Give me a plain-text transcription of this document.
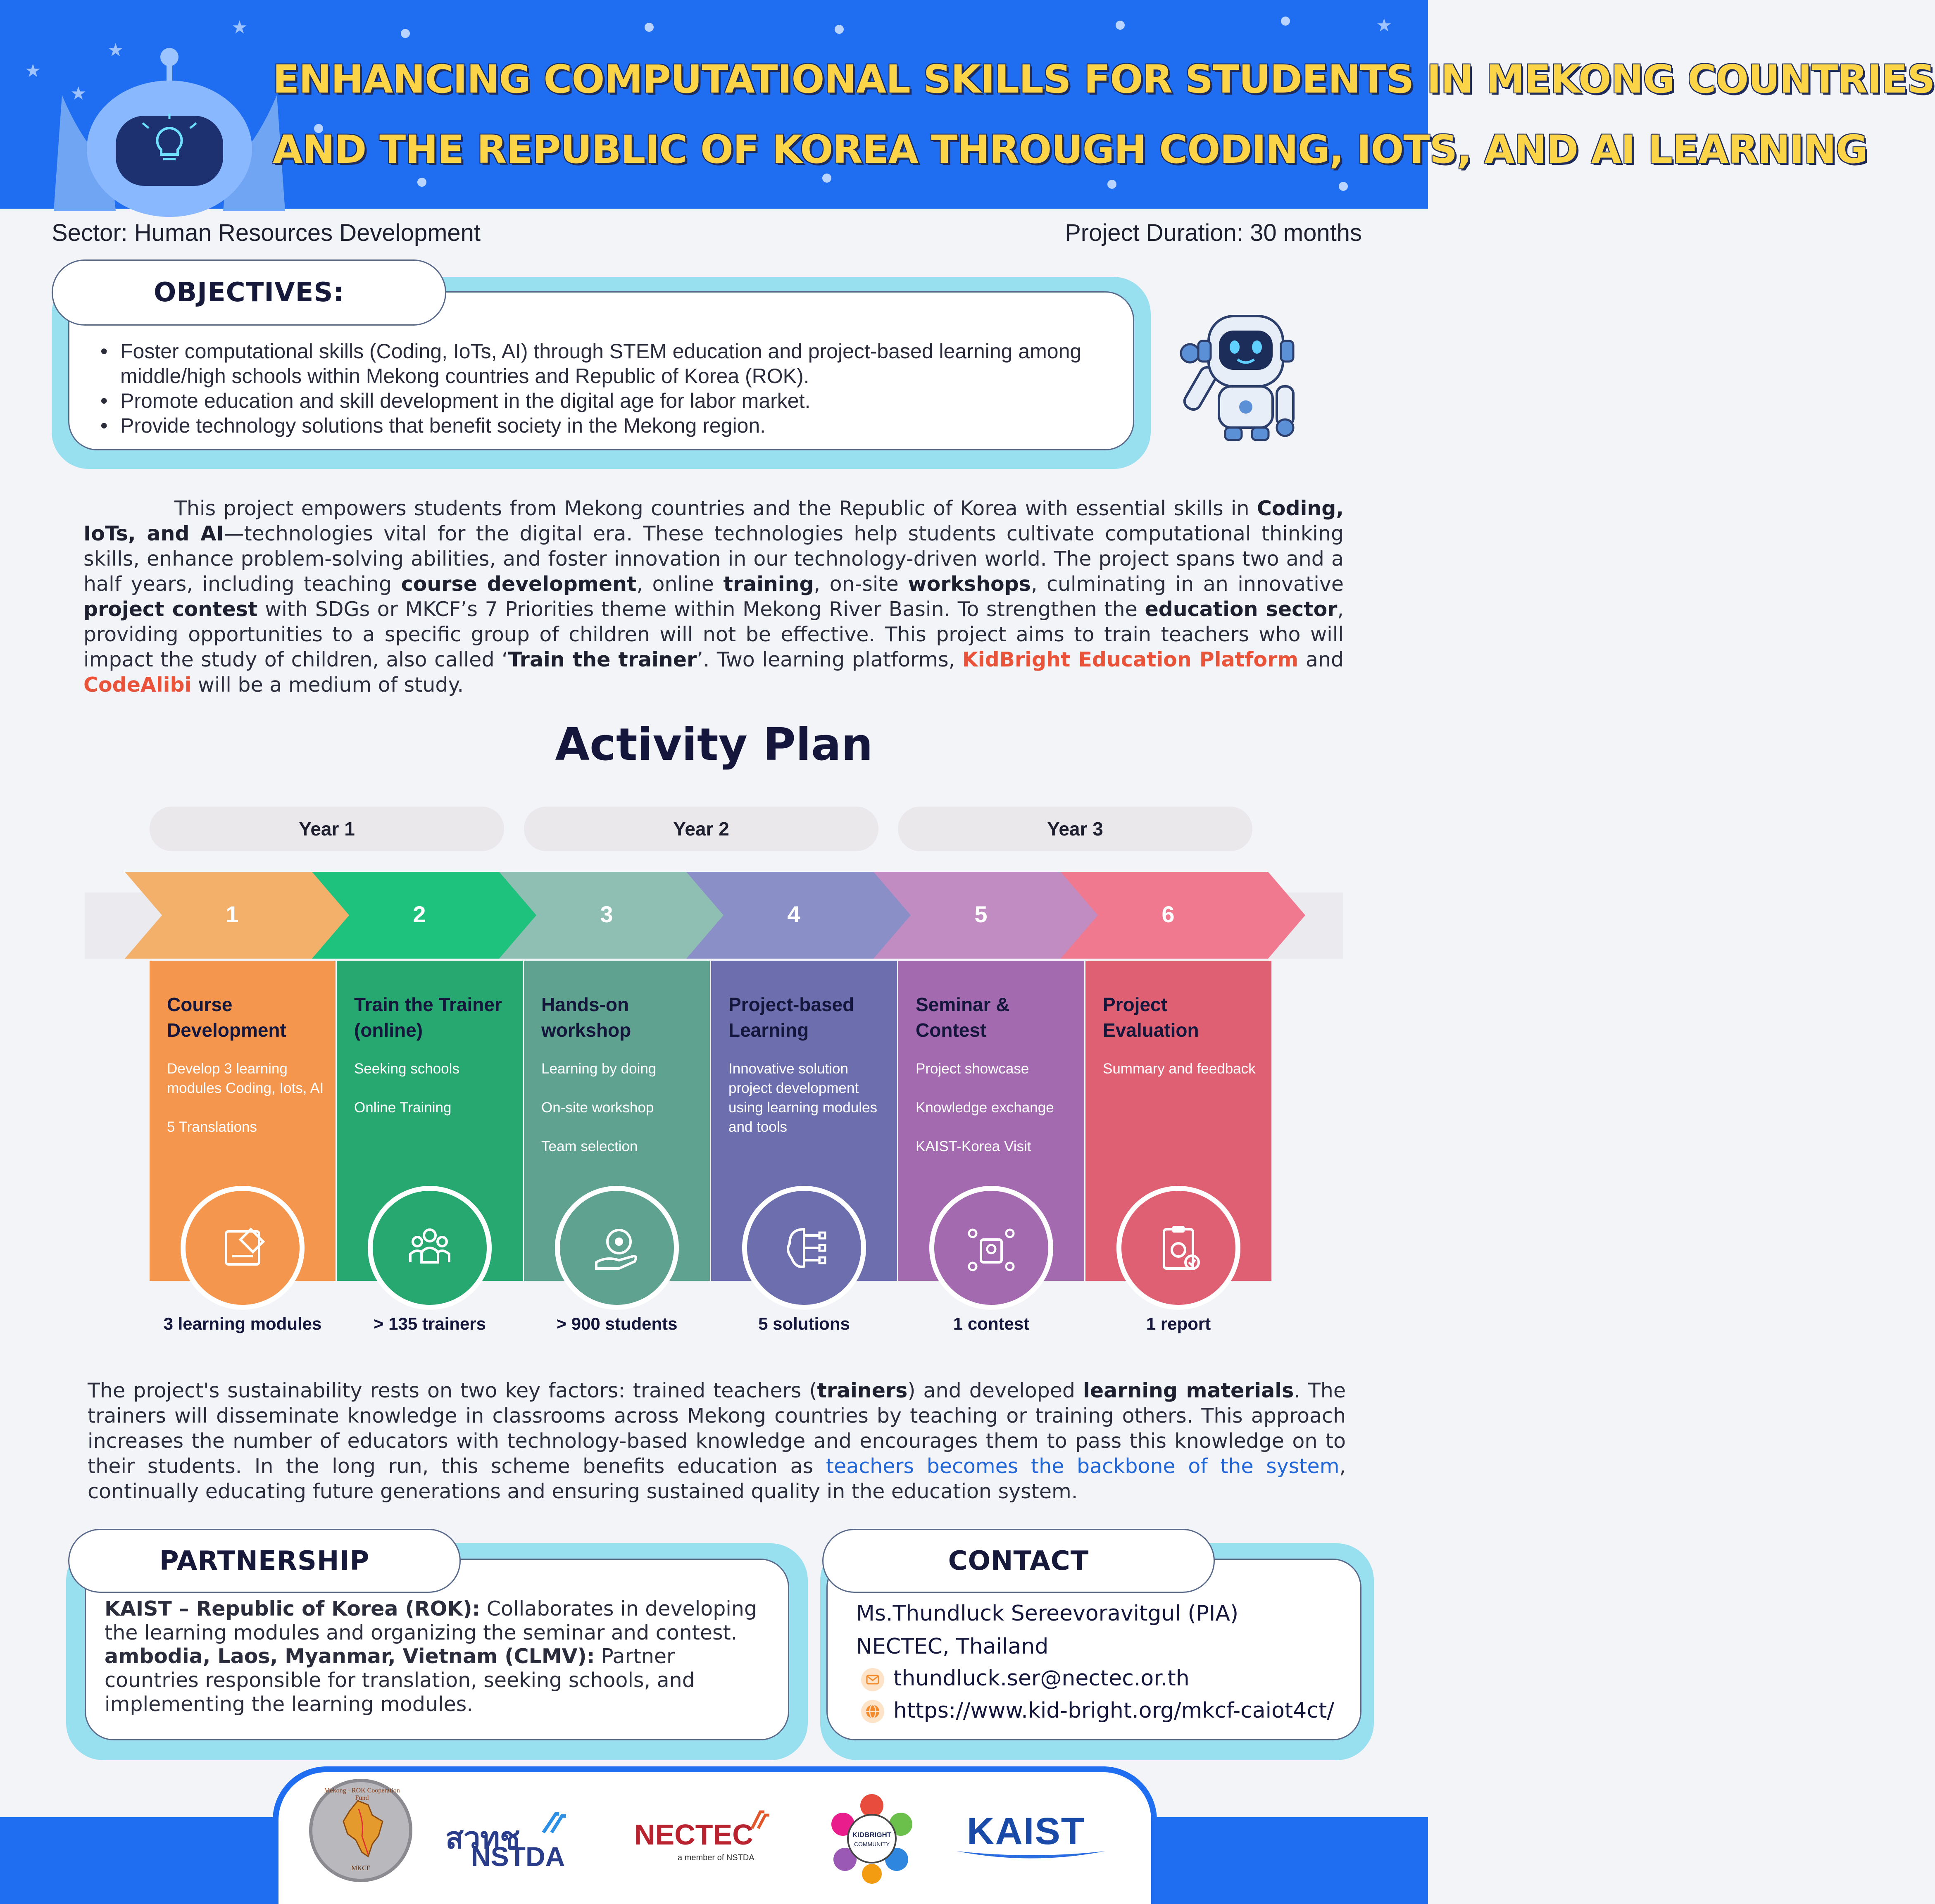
★
★
★
★	★
ENHANCING COMPUTATIONAL SKILLS FOR STUDENTS IN MEKONG COUNTRIES
AND THE REPUBLIC OF KOREA THROUGH CODING, IOTS, AND AI LEARNING
Sector: Human Resources Development	Project Duration: 30 months
• Foster computational skills (Coding, IoTs, AI) through STEM education and project-based learning among middle/high schools within Mekong countries and Republic of Korea (ROK).
• Promote education and skill development in the digital age for labor market.
• Provide technology solutions that benefit society in the Mekong region.
OBJECTIVES:
This project empowers students from Mekong countries and the Republic of Korea with essential skills in Coding, IoTs, and AI—technologies vital for the digital era. These technologies help students cultivate computational thinking skills, enhance problem-solving abilities, and foster innovation in our technology-driven world. The project spans two and a half years, including teaching course development, online training, on-site workshops, culminating in an innovative project contest with SDGs or MKCF’s 7 Priorities theme within Mekong River Basin. To strengthen the education sector, providing opportunities to a specific group of children will not be effective. This project aims to train teachers who will impact the study of children, also called ‘Train the trainer’. Two learning platforms, KidBright Education Platform and CodeAlibi will be a medium of study.
Activity Plan
Year 1	Year 2	Year 3
1
Course Development
Develop 3 learning modules Coding, Iots, AI
5 Translations
3 learning modules
2
Train the Trainer (online)
Seeking schools
Online Training
> 135 trainers
3
Hands-on workshop
Learning by doing
On-site workshop
Team selection
> 900 students
4
Project-based Learning
Innovative solution project development using learning modules and tools
5 solutions
5
Seminar & Contest
Project showcase
Knowledge exchange
KAIST-Korea Visit
1 contest
6
Project Evaluation
Summary and feedback
1 report
The project's sustainability rests on two key factors: trained teachers (trainers) and developed learning materials. The trainers will disseminate knowledge in classrooms across Mekong countries by teaching or training others. This approach increases the number of educators with technology-based knowledge and encourages them to pass this knowledge on to their students. In the long run, this scheme benefits education as teachers becomes the backbone of the system, continually educating future generations and ensuring sustained quality in the education system.
KAIST – Republic of Korea (ROK): Collaborates in developing the learning modules and organizing the seminar and contest.
ambodia, Laos, Myanmar, Vietnam (CLMV): Partner countries responsible for translation, seeking schools, and implementing the learning modules.
PARTNERSHIP	CONTACT
Ms.Thundluck Sereevoravitgul (PIA)
NECTEC, Thailand
thundluck.ser@nectec.or.th
https://www.kid-bright.org/mkcf-caiot4ct/
Mekong - ROK Cooperation Fund
MKCF
สวทช
NSTDA
NECTEC
a member of NSTDA
KIDBRIGHT
COMMUNITY KAIST
